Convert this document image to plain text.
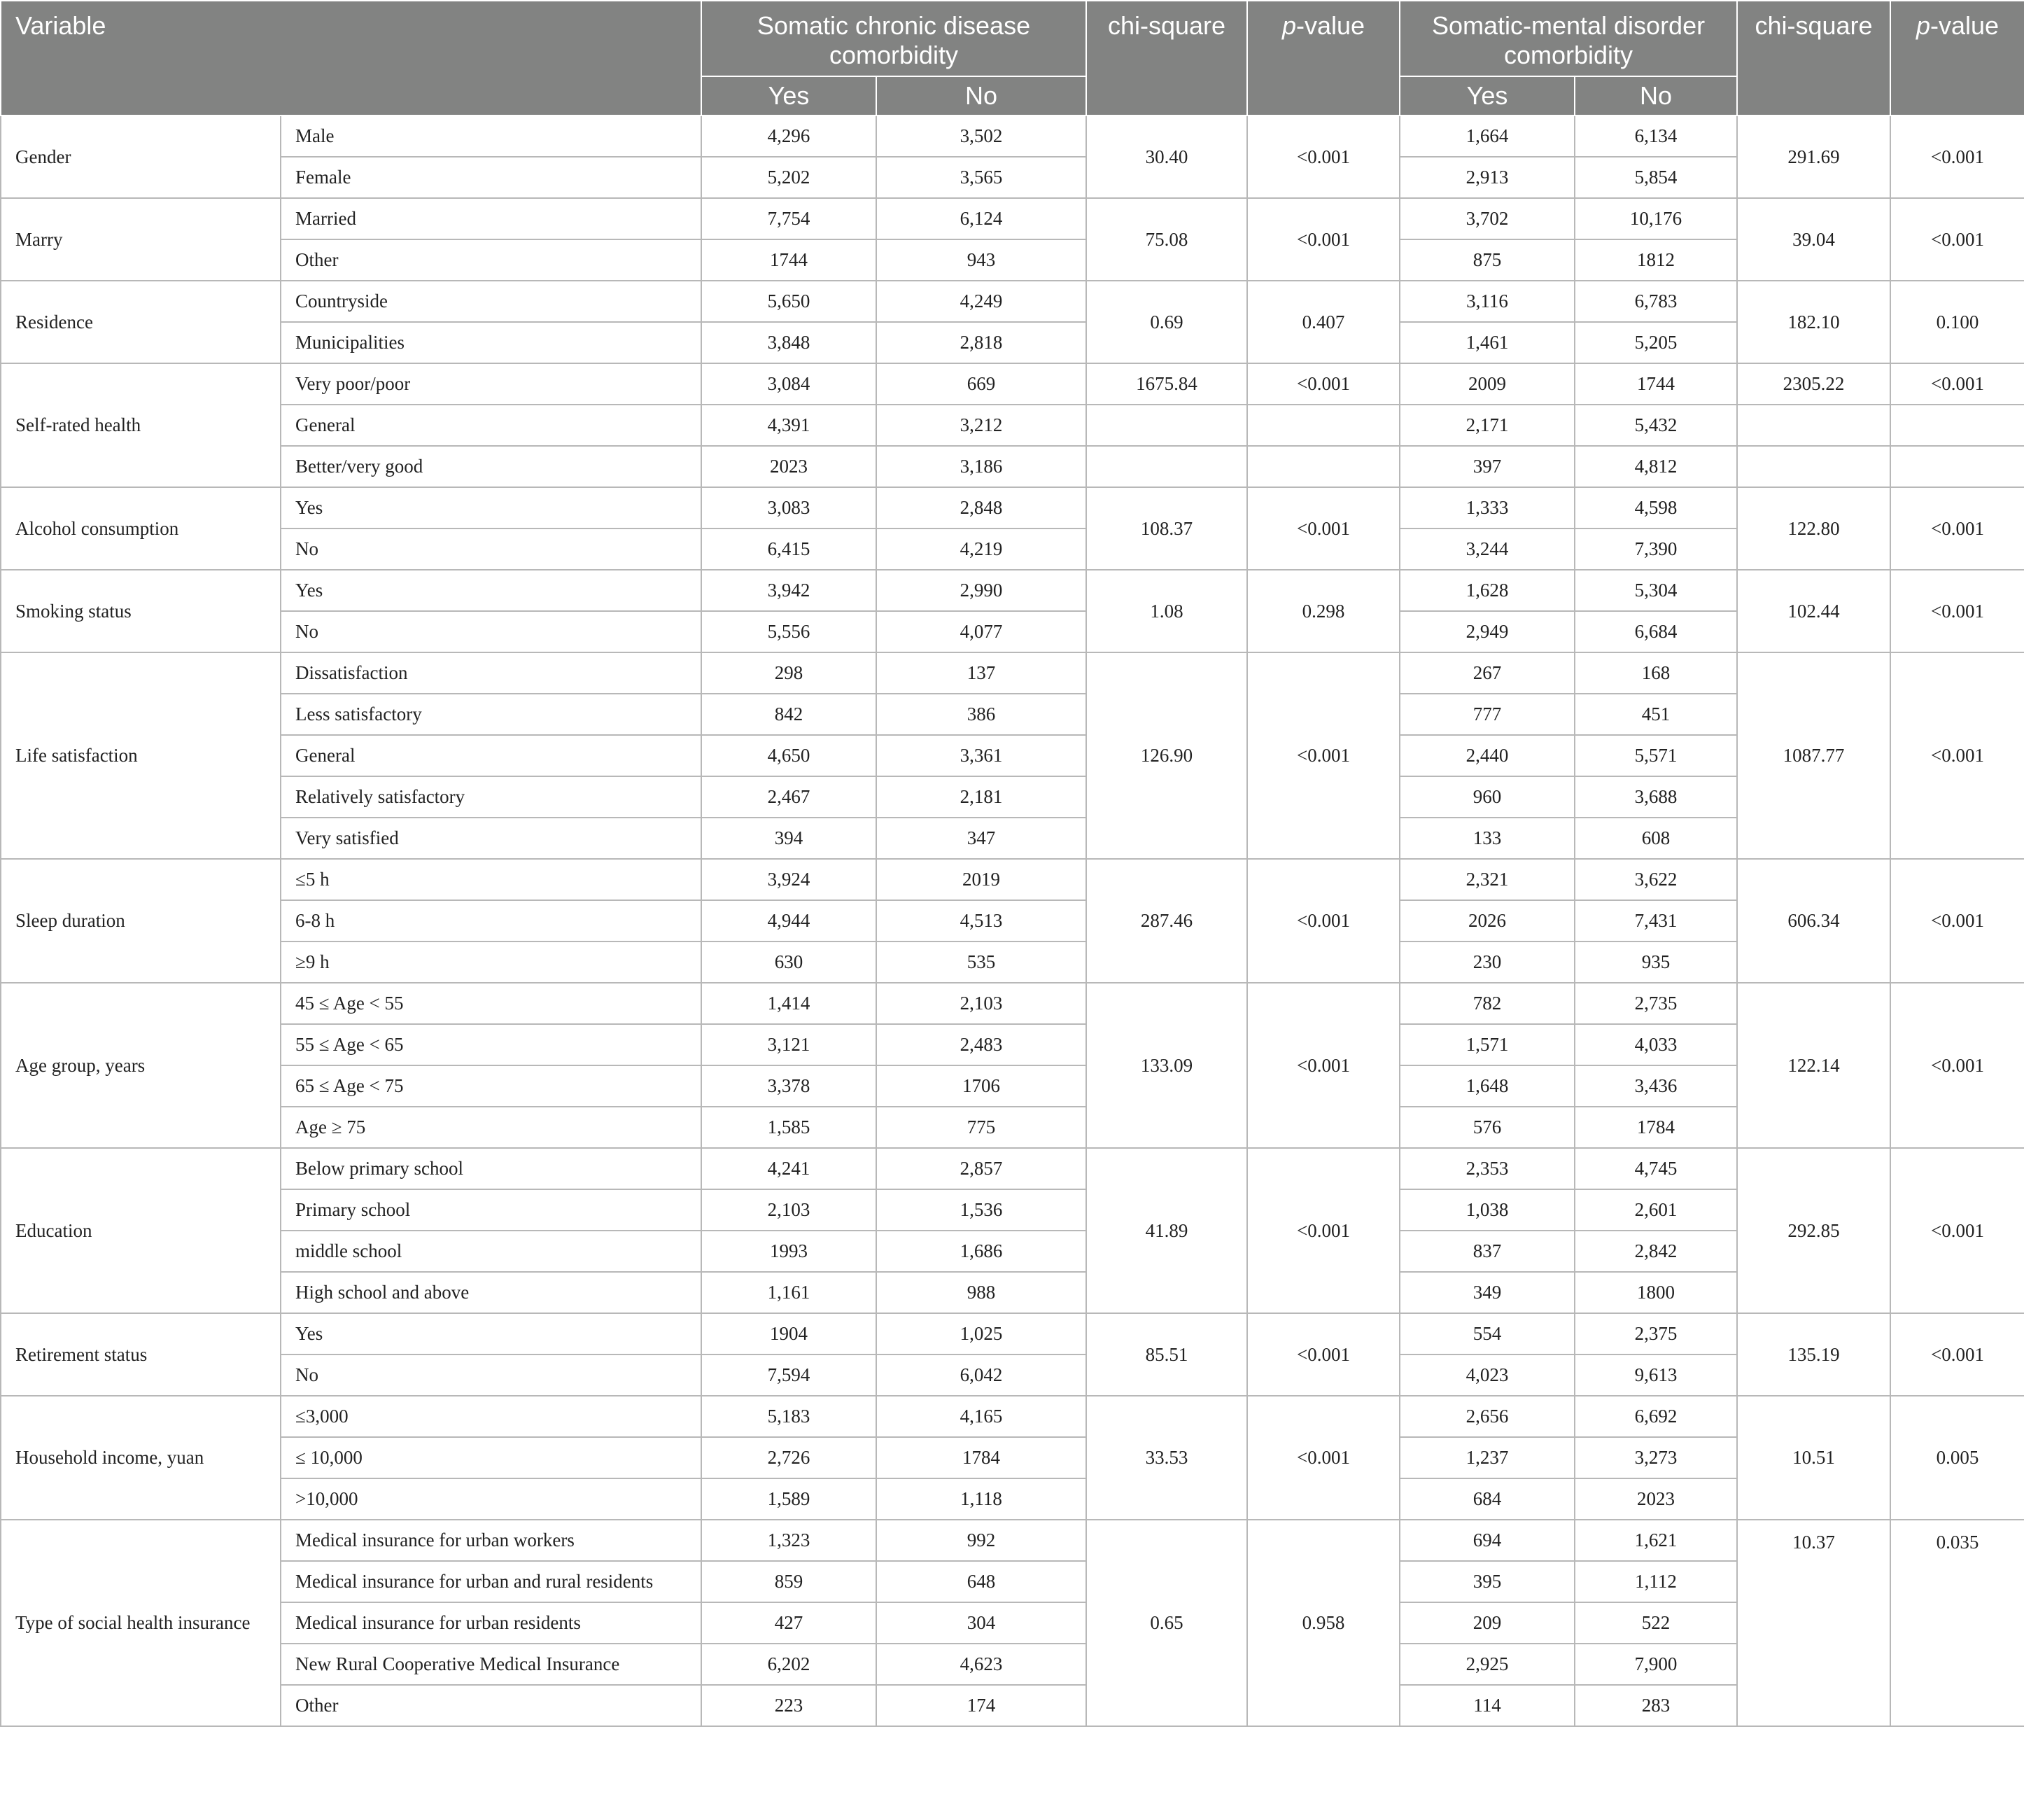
Variable		Somatic chronic disease comorbidity		chi-square	p-value	Somatic-mental disorder comorbidity		chi-square	p-value
		Yes	No			Yes	No		
Gender	Male	4,296	3,502	30.40	<0.001	1,664	6,134	291.69	<0.001
	Female	5,202	3,565			2,913	5,854		
Marry	Married	7,754	6,124	75.08	<0.001	3,702	10,176	39.04	<0.001
	Other	1744	943			875	1812		
Residence	Countryside	5,650	4,249	0.69	0.407	3,116	6,783	182.10	0.100
	Municipalities	3,848	2,818			1,461	5,205		
Self-rated health	Very poor/poor	3,084	669	1675.84	<0.001	2009	1744	2305.22	<0.001
	General	4,391	3,212			2,171	5,432		
	Better/very good	2023	3,186			397	4,812		
Alcohol consumption	Yes	3,083	2,848	108.37	<0.001	1,333	4,598	122.80	<0.001
	No	6,415	4,219			3,244	7,390		
Smoking status	Yes	3,942	2,990	1.08	0.298	1,628	5,304	102.44	<0.001
	No	5,556	4,077			2,949	6,684		
Life satisfaction	Dissatisfaction	298	137	126.90	<0.001	267	168	1087.77	<0.001
	Less satisfactory	842	386			777	451		
	General	4,650	3,361			2,440	5,571		
	Relatively satisfactory	2,467	2,181			960	3,688		
	Very satisfied	394	347			133	608		
Sleep duration	≤5 h	3,924	2019	287.46	<0.001	2,321	3,622	606.34	<0.001
	6-8 h	4,944	4,513			2026	7,431		
	≥9 h	630	535			230	935		
Age group, years	45 ≤ Age < 55	1,414	2,103	133.09	<0.001	782	2,735	122.14	<0.001
	55 ≤ Age < 65	3,121	2,483			1,571	4,033		
	65 ≤ Age < 75	3,378	1706			1,648	3,436		
	Age ≥ 75	1,585	775			576	1784		
Education	Below primary school	4,241	2,857	41.89	<0.001	2,353	4,745	292.85	<0.001
	Primary school	2,103	1,536			1,038	2,601		
	middle school	1993	1,686			837	2,842		
	High school and above	1,161	988			349	1800		
Retirement status	Yes	1904	1,025	85.51	<0.001	554	2,375	135.19	<0.001
	No	7,594	6,042			4,023	9,613		
Household income, yuan	≤3,000	5,183	4,165	33.53	<0.001	2,656	6,692	10.51	0.005
	≤ 10,000	2,726	1784			1,237	3,273		
	>10,000	1,589	1,118			684	2023		
Type of social health insurance	Medical insurance for urban workers	1,323	992	0.65	0.958	694	1,621	10.37	0.035
	Medical insurance for urban and rural residents	859	648			395	1,112		
	Medical insurance for urban residents	427	304			209	522		
	New Rural Cooperative Medical Insurance	6,202	4,623			2,925	7,900		
	Other	223	174			114	283		
